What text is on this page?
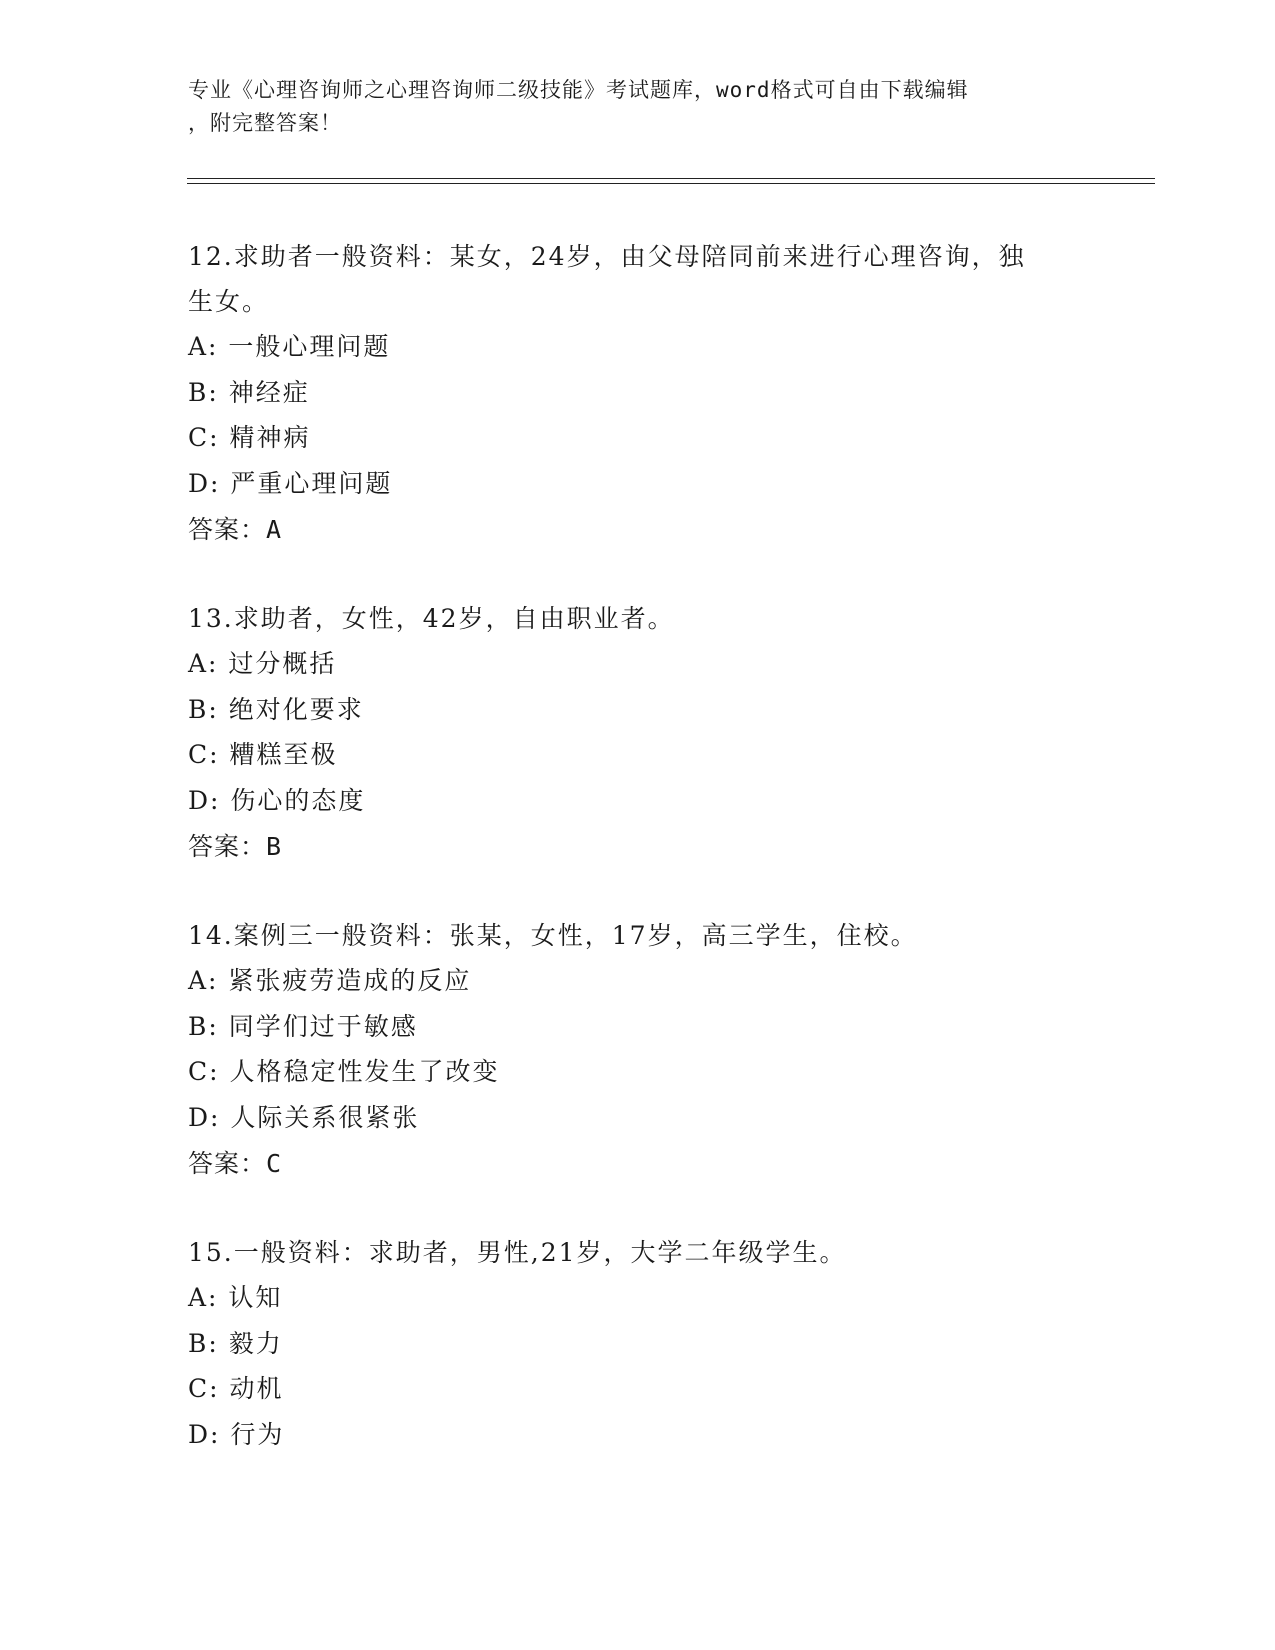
专业《心理咨询师之心理咨询师二级技能》考试题库，word格式可自由下载编辑
，附完整答案！

12.求助者一般资料：某女，24岁，由父母陪同前来进行心理咨询，独

生女。

A: 一般心理问题

B: 神经症

C: 精神病

D: 严重心理问题

答案：A

13.求助者，女性，42岁，自由职业者。

A: 过分概括

B: 绝对化要求

C: 糟糕至极

D: 伤心的态度

答案：B

14.案例三一般资料：张某，女性，17岁，高三学生，住校。

A: 紧张疲劳造成的反应

B: 同学们过于敏感

C: 人格稳定性发生了改变

D: 人际关系很紧张

答案：C

15.一般资料：求助者，男性,21岁，大学二年级学生。

A: 认知

B: 毅力

C: 动机

D: 行为
